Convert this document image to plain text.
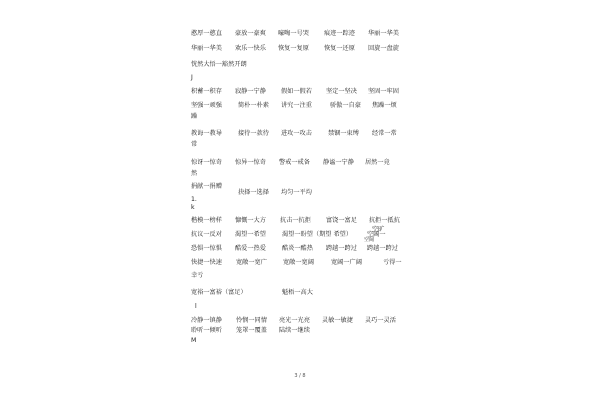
憨厚一憨直 豪放一豪爽 嚎啕一号哭 痕迹一踪迹 华丽一华美
华丽一华美 欢乐一快乐 恢复一复原 恢复一还原 回旋一盘旋
恍然大悟一豁然开朗
J
积蓄一积存 寂静一宁静 假如一假若 坚定一坚决 坚固一牢固
坚强一顽强	简朴一朴素 讲究一注重	骄傲一自豪 焦躁一烦
躁
教诲一教导	接待一款待 进攻一攻击	禁锢一束缚 经常一常
常
惊讶一惊奇 惊异一惊奇 警戒一戒备 静谧一宁静 居然一竟
然
捐献一捐赠
抉择一选择 均匀一平均
1.
k
楷模一榜样 慷慨一大方 抗击一抗拒 富饶一富足 抗拒一抵抗
抗议一反对 渴望一希望	渴望一盼望（期望 希望） 空阔一
空旷
空阔
恐惧一惊惧 酷爱一热爱	酷炎一酷热 跨越一跨过 跨越一跨过
快捷一快速 宽敞一宽广	宽敞一宽阔	宽阔一广阔	亏得一
幸亏
宽裕一富裕（富足）	魁梧一高大
l
冷静一镇静 怜悯一同情 亮光一光亮 灵敏一敏捷 灵巧一灵活
聆听一倾听 笼罩一覆盖 陆续一继续
M
3 / 8
